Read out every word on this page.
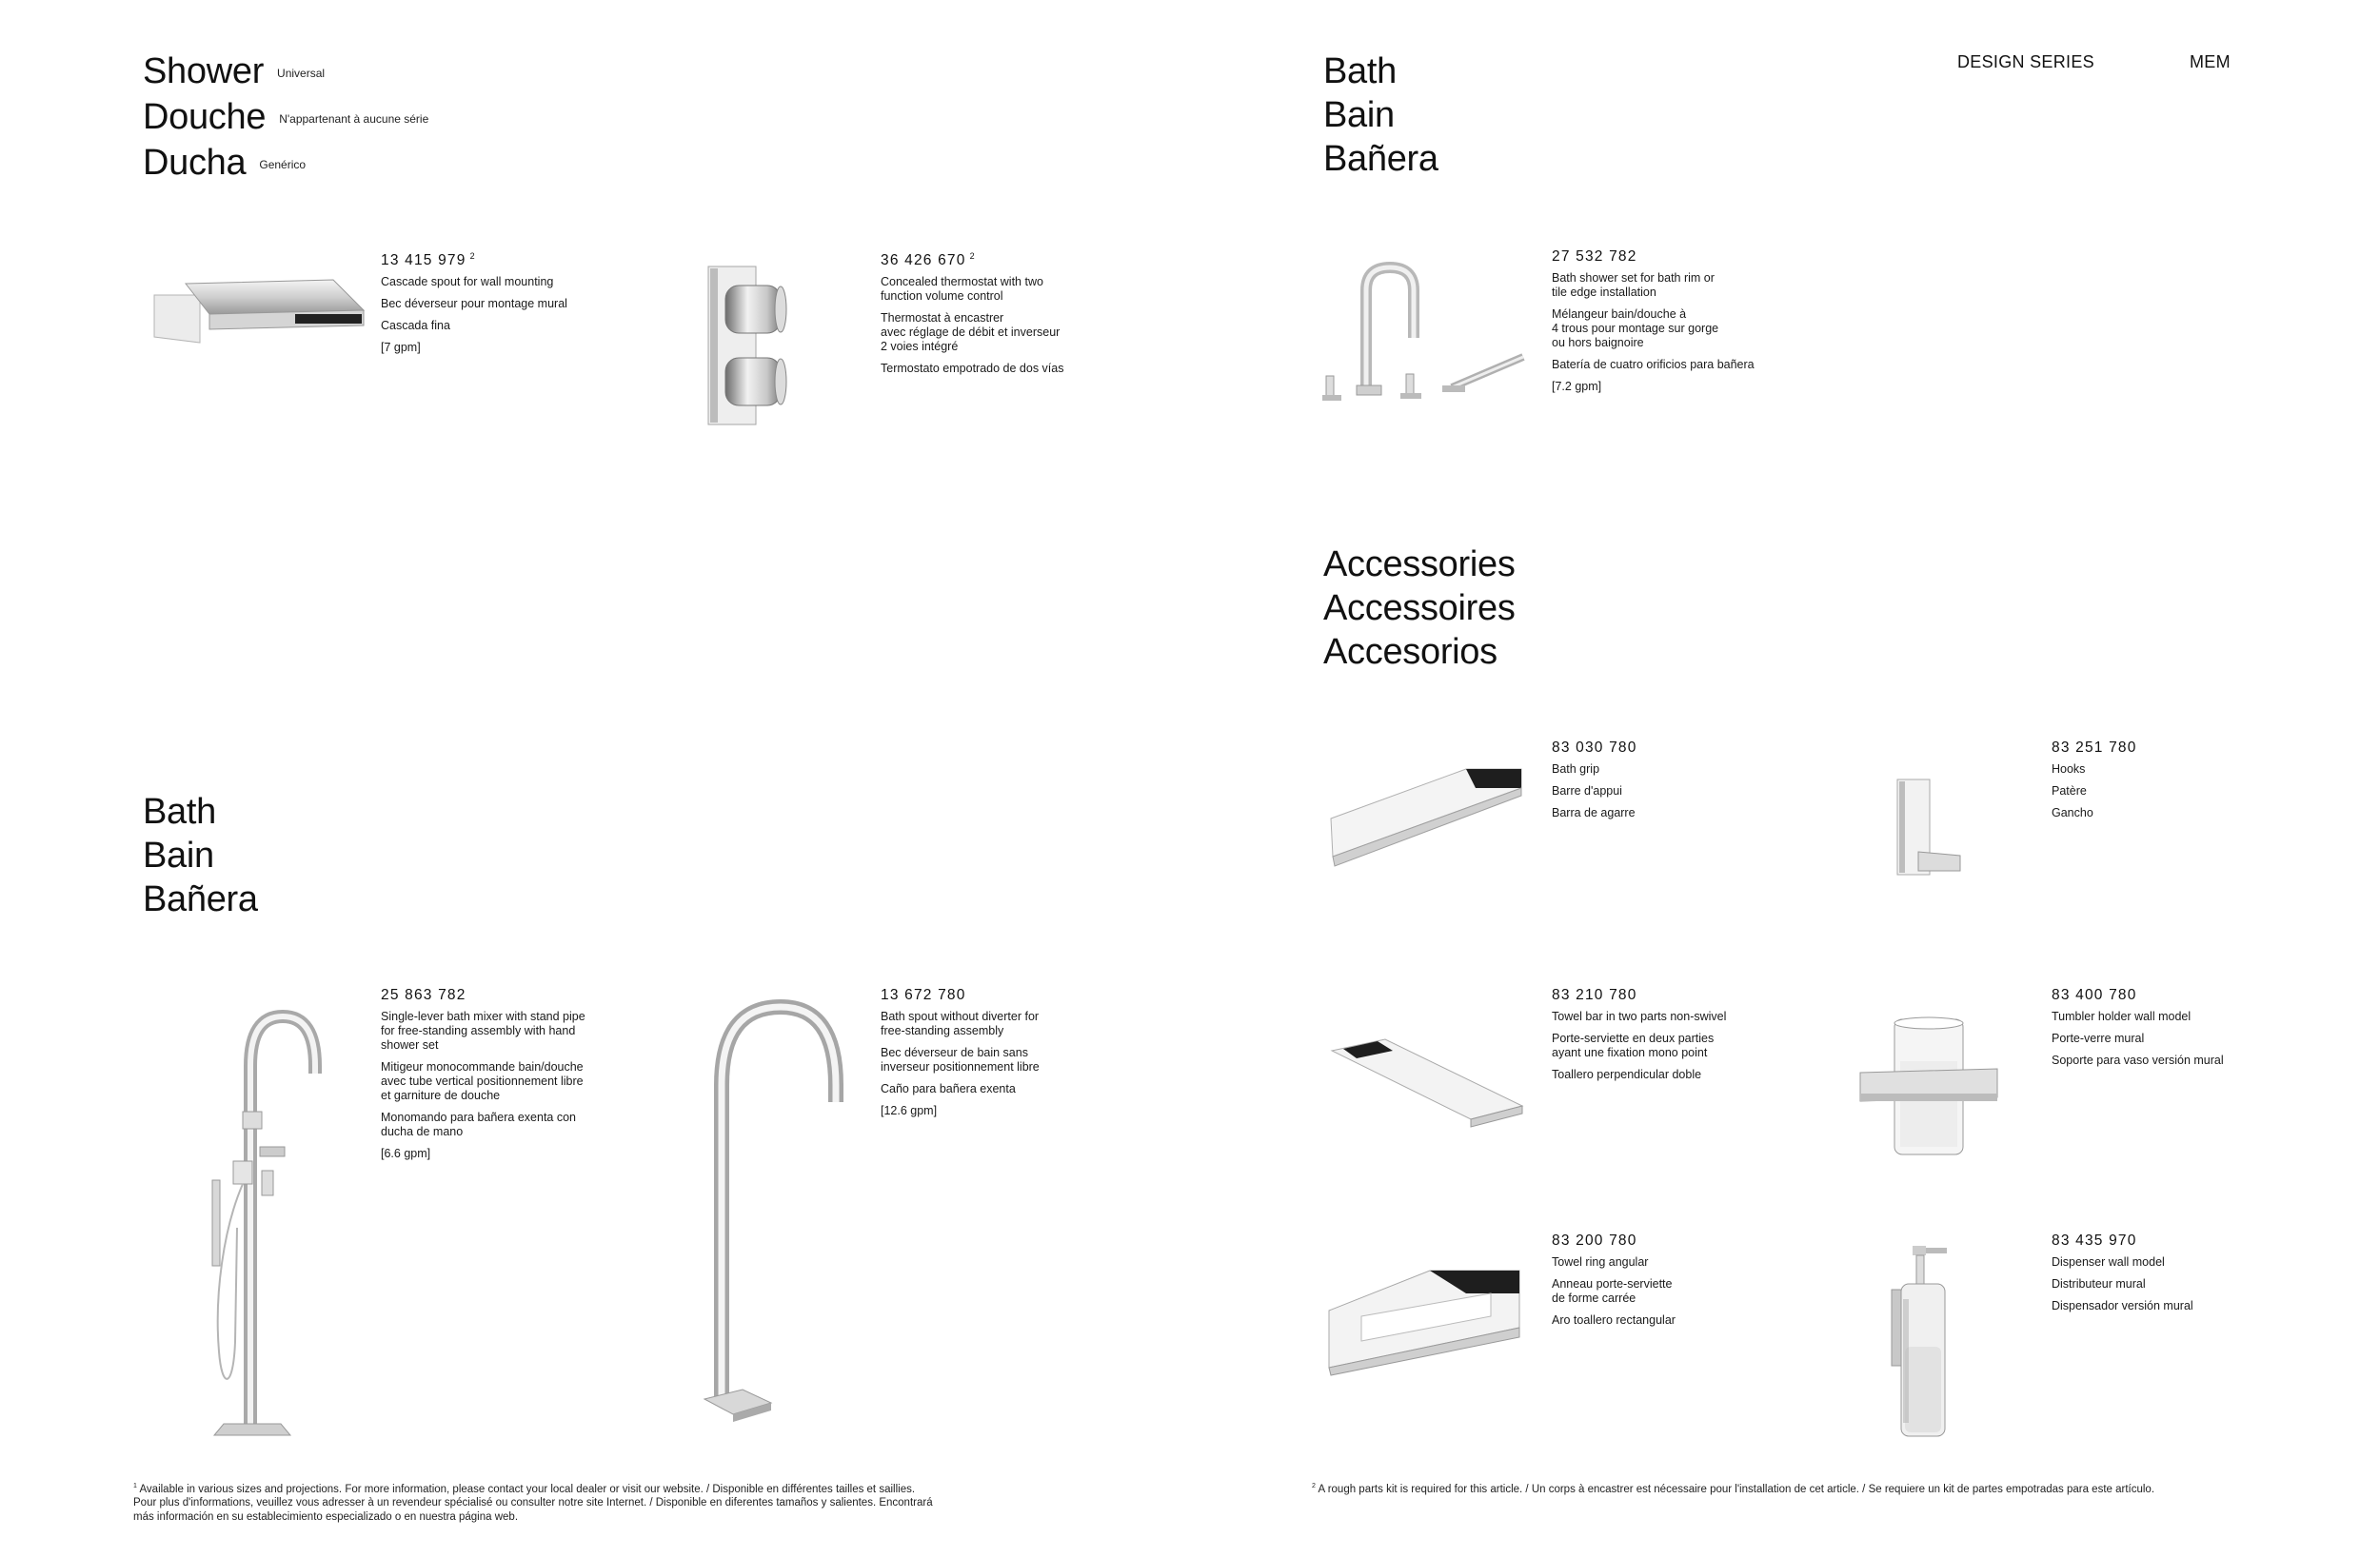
DESIGN SERIES	MEM
Shower Universal
Douche N'appartenant à aucune série
Ducha Genérico
Bath
Bain
Bañera
Accessories
Accessoires
Accesorios
Bath
Bain
Bañera
13 415 979 $^2$

Cascade spout for wall mounting

Bec déverseur pour montage mural

Cascada fina

[7 gpm]

36 426 670 $^2$

Concealed thermostat with two
function volume control

Thermostat à encastrer
avec réglage de débit et inverseur
2 voies intégré

Termostato empotrado de dos vías

27 532 782

Bath shower set for bath rim or
tile edge installation

Mélangeur bain/douche à
4 trous pour montage sur gorge
ou hors baignoire

Batería de cuatro orificios para bañera

[7.2 gpm]

83 030 780

Bath grip

Barre d'appui

Barra de agarre

83 251 780

Hooks

Patère

Gancho

83 210 780

Towel bar in two parts non-swivel

Porte-serviette en deux parties
ayant une fixation mono point

Toallero perpendicular doble

83 400 780

Tumbler holder wall model

Porte-verre mural

Soporte para vaso versión mural

83 200 780

Towel ring angular

Anneau porte-serviette
de forme carrée

Aro toallero rectangular

83 435 970

Dispenser wall model

Distributeur mural

Dispensador versión mural

25 863 782

Single-lever bath mixer with stand pipe
for free-standing assembly with hand
shower set

Mitigeur monocommande bain/douche
avec tube vertical positionnement libre
et garniture de douche

Monomando para bañera exenta con
ducha de mano

[6.6 gpm]

13 672 780

Bath spout without diverter for
free-standing assembly

Bec déverseur de bain sans
inverseur positionnement libre

Caño para bañera exenta

[12.6 gpm]

$^1$ Available in various sizes and projections. For more information, please contact your local dealer or visit our website. / Disponible en différentes tailles et saillies.
Pour plus d'informations, veuillez vous adresser à un revendeur spécialisé ou consulter notre site Internet. / Disponible en diferentes tamaños y salientes. Encontrará
más información en su establecimiento especializado o en nuestra página web.
$^2$ A rough parts kit is required for this article. / Un corps à encastrer est nécessaire pour l'installation de cet article. / Se requiere un kit de partes empotradas para este artículo.
